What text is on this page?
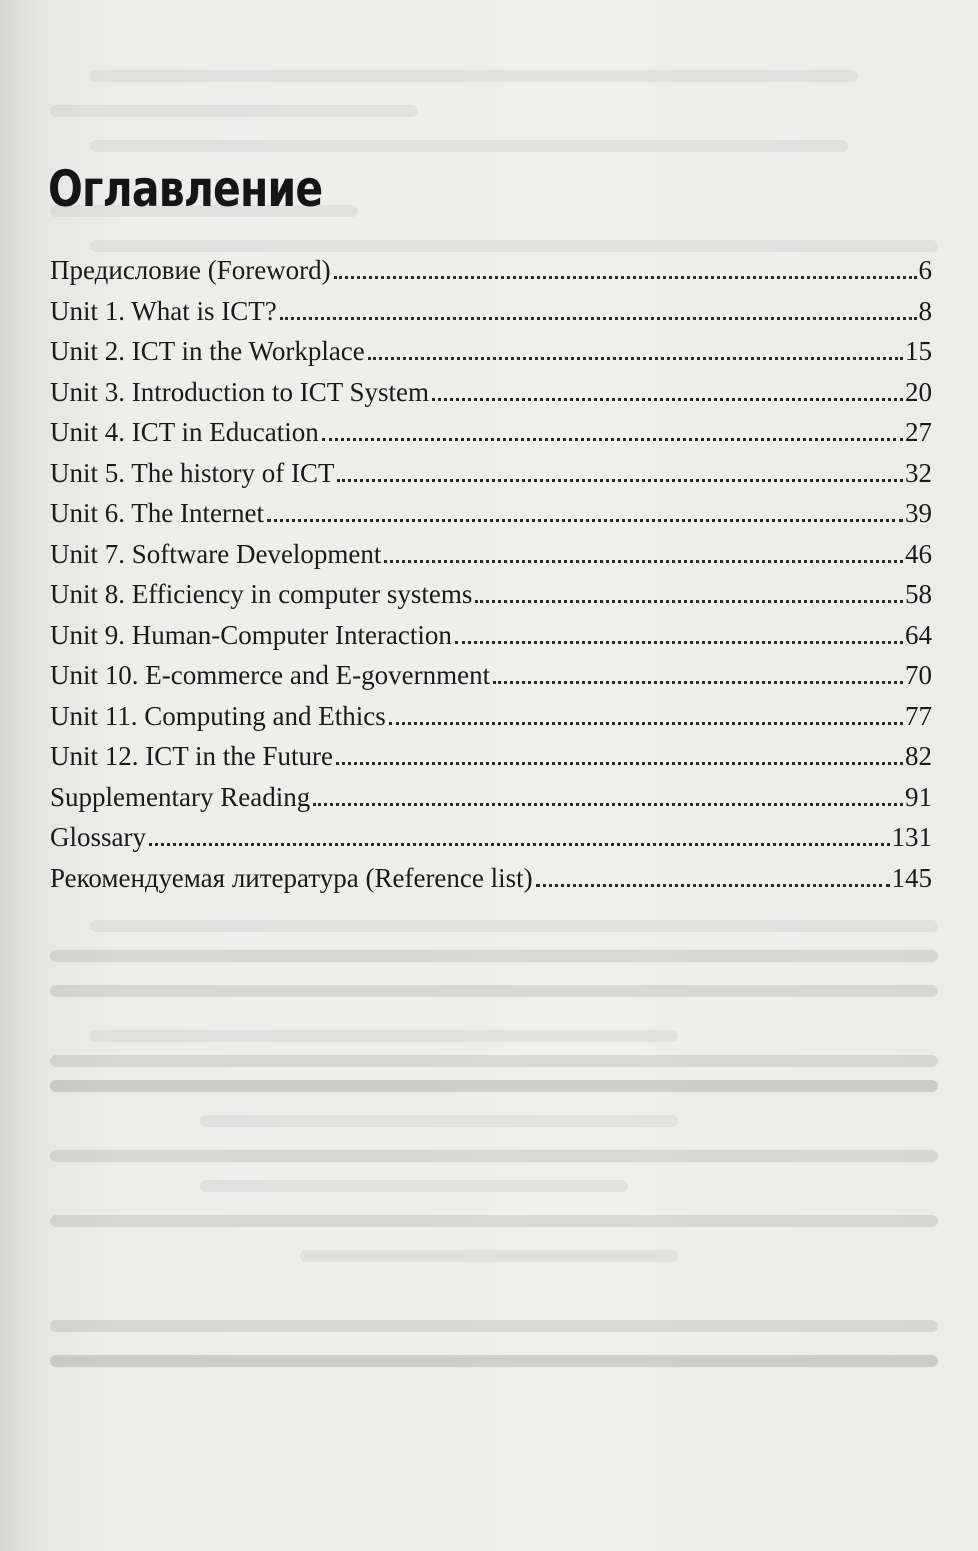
Оглавление
Предисловие (Foreword)	6
Unit 1. What is ICT?	8
Unit 2. ICT in the Workplace	15
Unit 3. Introduction to ICT System	20
Unit 4. ICT in Education	27
Unit 5. The history of ICT	32
Unit 6. The Internet	39
Unit 7. Software Development	46
Unit 8. Efficiency in computer systems	58
Unit 9. Human-Computer Interaction	64
Unit 10. E-commerce and E-government	70
Unit 11. Computing and Ethics	77
Unit 12. ICT in the Future	82
Supplementary Reading	91
Glossary	131
Рекомендуемая литература (Reference list)	145
